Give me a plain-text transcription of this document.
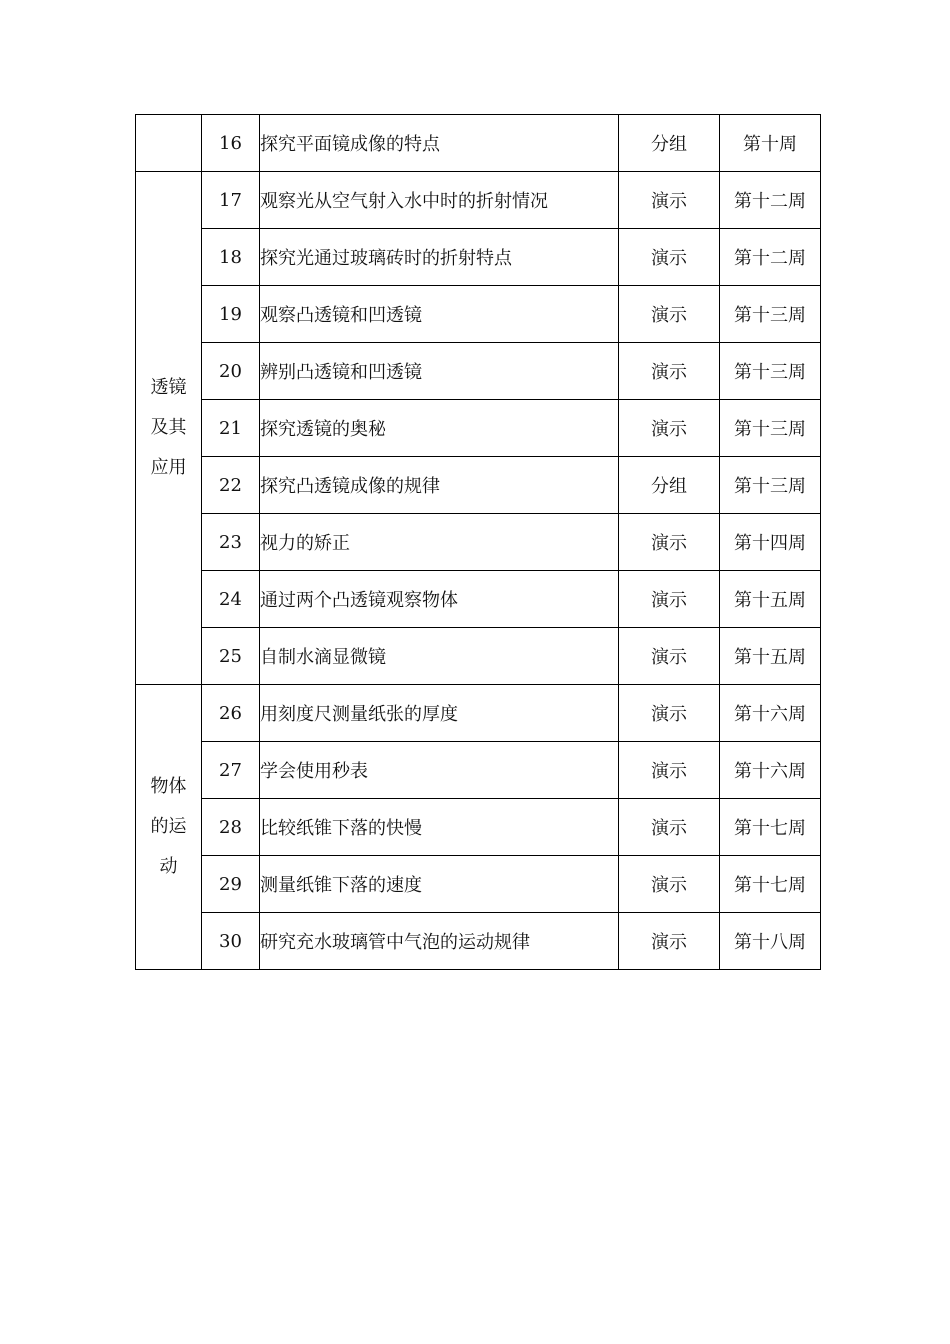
	16	探究平面镜成像的特点	分组	第十周
透镜及其应用	17	观察光从空气射入水中时的折射情况	演示	第十二周
	18	探究光通过玻璃砖时的折射特点	演示	第十二周
	19	观察凸透镜和凹透镜	演示	第十三周
	20	辨别凸透镜和凹透镜	演示	第十三周
	21	探究透镜的奥秘	演示	第十三周
	22	探究凸透镜成像的规律	分组	第十三周
	23	视力的矫正	演示	第十四周
	24	通过两个凸透镜观察物体	演示	第十五周
	25	自制水滴显微镜	演示	第十五周
物体的运动	26	用刻度尺测量纸张的厚度	演示	第十六周
	27	学会使用秒表	演示	第十六周
	28	比较纸锥下落的快慢	演示	第十七周
	29	测量纸锥下落的速度	演示	第十七周
	30	研究充水玻璃管中气泡的运动规律	演示	第十八周
